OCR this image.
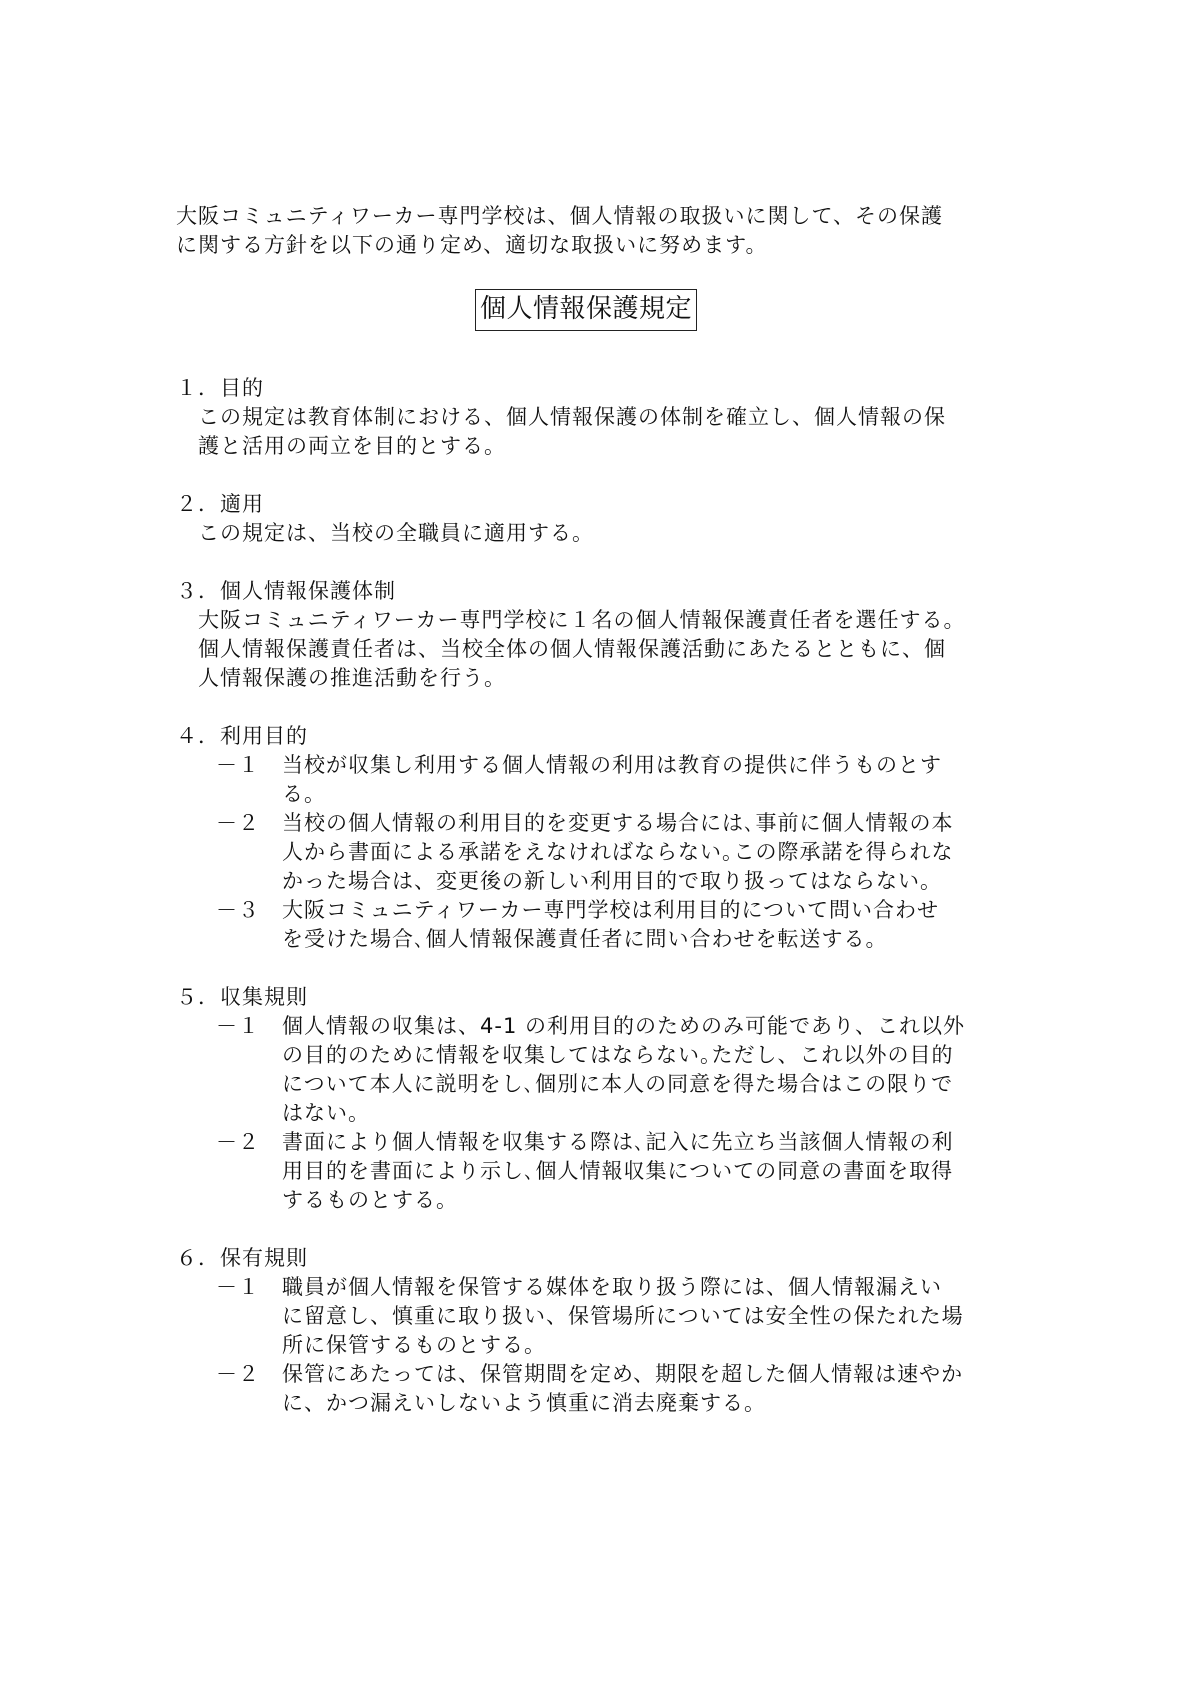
大阪コミュニティワーカー専門学校は、個人情報の取扱いに関して、その保護

に関する方針を以下の通り定め、適切な取扱いに努めます。

個人情報保護規定

１．目的

この規定は教育体制における、個人情報保護の体制を確立し、個人情報の保

護と活用の両立を目的とする。

２．適用

この規定は、当校の全職員に適用する。

３．個人情報保護体制

大阪コミュニティワーカー専門学校に１名の個人情報保護責任者を選任する。

個人情報保護責任者は、当校全体の個人情報保護活動にあたるとともに、個

人情報保護の推進活動を行う。

４．利用目的

－１	当校が収集し利用する個人情報の利用は教育の提供に伴うものとす

る。

－２	当校の個人情報の利用目的を変更する場合には､事前に個人情報の本

人から書面による承諾をえなければならない｡この際承諾を得られな

かった場合は、変更後の新しい利用目的で取り扱ってはならない。

－３	大阪コミュニティワーカー専門学校は利用目的について問い合わせ

を受けた場合､個人情報保護責任者に問い合わせを転送する。

５．収集規則

－１	個人情報の収集は、4-1 の利用目的のためのみ可能であり、これ以外

の目的のために情報を収集してはならない｡ただし、これ以外の目的

について本人に説明をし､個別に本人の同意を得た場合はこの限りで

はない。

－２	書面により個人情報を収集する際は､記入に先立ち当該個人情報の利

用目的を書面により示し､個人情報収集についての同意の書面を取得

するものとする。

６．保有規則

－１	職員が個人情報を保管する媒体を取り扱う際には、個人情報漏えい

に留意し、慎重に取り扱い、保管場所については安全性の保たれた場

所に保管するものとする。

－２	保管にあたっては、保管期間を定め、期限を超した個人情報は速やか

に、かつ漏えいしないよう慎重に消去廃棄する。
